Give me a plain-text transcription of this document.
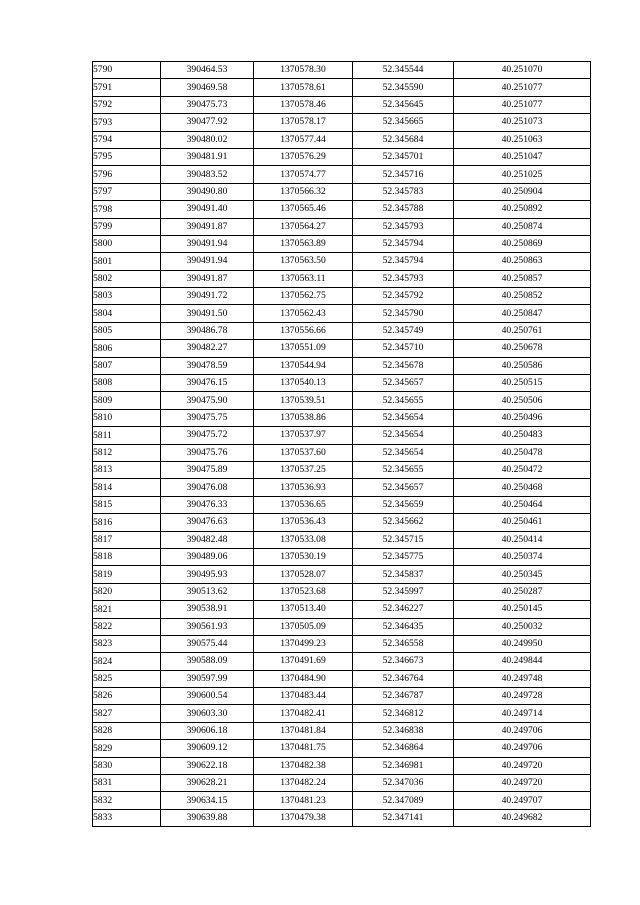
5790	390464.53	1370578.30	52.345544	40.251070
5791	390469.58	1370578.61	52.345590	40.251077
5792	390475.73	1370578.46	52.345645	40.251077
5793	390477.92	1370578.17	52.345665	40.251073
5794	390480.02	1370577.44	52.345684	40.251063
5795	390481.91	1370576.29	52.345701	40.251047
5796	390483.52	1370574.77	52.345716	40.251025
5797	390490.80	1370566.32	52.345783	40.250904
5798	390491.40	1370565.46	52.345788	40.250892
5799	390491.87	1370564.27	52.345793	40.250874
5800	390491.94	1370563.89	52.345794	40.250869
5801	390491.94	1370563.50	52.345794	40.250863
5802	390491.87	1370563.11	52.345793	40.250857
5803	390491.72	1370562.75	52.345792	40.250852
5804	390491.50	1370562.43	52.345790	40.250847
5805	390486.78	1370556.66	52.345749	40.250761
5806	390482.27	1370551.09	52.345710	40.250678
5807	390478.59	1370544.94	52.345678	40.250586
5808	390476.15	1370540.13	52.345657	40.250515
5809	390475.90	1370539.51	52.345655	40.250506
5810	390475.75	1370538.86	52.345654	40.250496
5811	390475.72	1370537.97	52.345654	40.250483
5812	390475.76	1370537.60	52.345654	40.250478
5813	390475.89	1370537.25	52.345655	40.250472
5814	390476.08	1370536.93	52.345657	40.250468
5815	390476.33	1370536.65	52.345659	40.250464
5816	390476.63	1370536.43	52.345662	40.250461
5817	390482.48	1370533.08	52.345715	40.250414
5818	390489.06	1370530.19	52.345775	40.250374
5819	390495.93	1370528.07	52.345837	40.250345
5820	390513.62	1370523.68	52.345997	40.250287
5821	390538.91	1370513.40	52.346227	40.250145
5822	390561.93	1370505.09	52.346435	40.250032
5823	390575.44	1370499.23	52.346558	40.249950
5824	390588.09	1370491.69	52.346673	40.249844
5825	390597.99	1370484.90	52.346764	40.249748
5826	390600.54	1370483.44	52.346787	40.249728
5827	390603.30	1370482.41	52.346812	40.249714
5828	390606.18	1370481.84	52.346838	40.249706
5829	390609.12	1370481.75	52.346864	40.249706
5830	390622.18	1370482.38	52.346981	40.249720
5831	390628.21	1370482.24	52.347036	40.249720
5832	390634.15	1370481.23	52.347089	40.249707
5833	390639.88	1370479.38	52.347141	40.249682
